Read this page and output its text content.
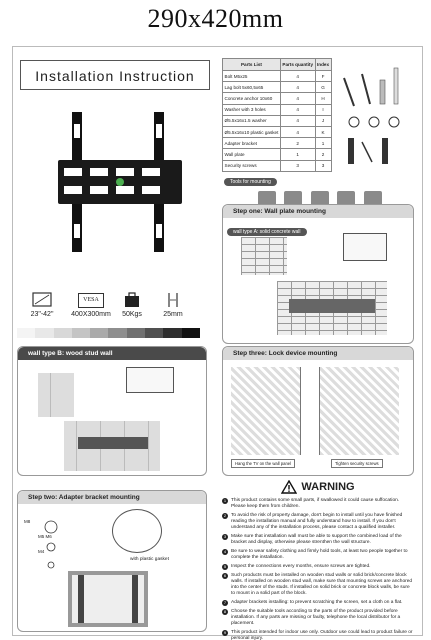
290x420mm
Installation Instruction
Parts List	Parts quantity	Index
Bolt M5x25	4	F
Lag bolt 5x60,5x65	4	G
Concrete anchor 10x60	4	H
Washer with 3 holes	4	I
Ø5.5x16x1.5 washer	4	J
Ø5.5x16x10 plastic gasket	4	K
Adapter bracket	2	1
Wall plate	1	2
Security screws	3	3
VESA
23"-42"	400X300mm	50Kgs	25mm
Tools for mounting

Step one: Wall plate mounting
wall type A: solid concrete wall
wall type B: wood stud wall
Step two: Adapter bracket mounting
M8
M5 M6
M4
with plastic gasket
Step three: Lock device mounting
Hang the TV on the wall panel	Tighten security screws
WARNING
1	This product contains some small parts, if swallowed it could cause suffocation. Please keep them from children.
2	To avoid the risk of property damage, don't begin to install until you have finished reading the installation manual and fully understand how to install. If you don't understand any of the installation process, please contact a qualified installer.
3	Make sure that installation wall must be able to support the combined load of the bracket and display, otherwise please strenthen the wall structure.
4	Be sure to wear safety clothing and firmly hold tools, at least two people together to complete the installation.
5	Inspect the connections every months, ensure screws are tighted.
6	Such products must be installed on wooden stud walls or solid brick/concrete block walls. If installed on wooden stud wall, make sure that mounting screws are anchored into the center of the studs. If installed on solid brick or concrete block walls, be sure to mount in a solid part of the block.
7	Adapter brackets installing: to prevent scratching the screen, set a cloth on a flat.
8	Choose the suitable tools according to the parts of the product provided before installation. If any parts are missing or faulty, telephone the local distributor for a placement.
9	This product intended for indoor use only. Outdoor use could lead to product failure or personal injury.
